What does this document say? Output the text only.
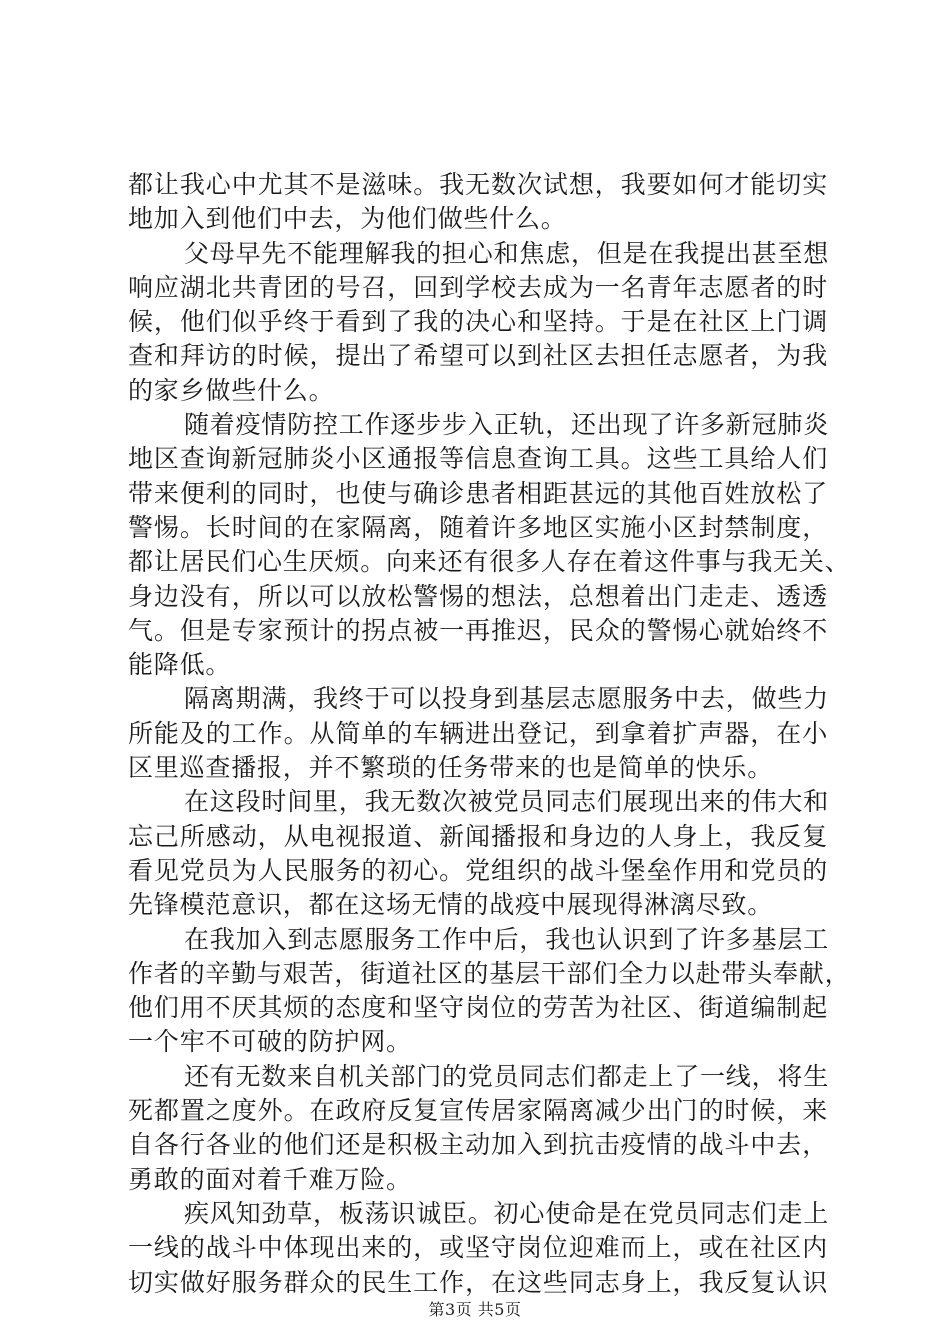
都让我心中尤其不是滋味。我无数次试想，我要如何才能切实
地加入到他们中去，为他们做些什么。
父母早先不能理解我的担心和焦虑，但是在我提出甚至想
响应湖北共青团的号召，回到学校去成为一名青年志愿者的时
候，他们似乎终于看到了我的决心和坚持。于是在社区上门调
查和拜访的时候，提出了希望可以到社区去担任志愿者，为我
的家乡做些什么。
随着疫情防控工作逐步步入正轨，还出现了许多新冠肺炎
地区查询新冠肺炎小区通报等信息查询工具。这些工具给人们
带来便利的同时，也使与确诊患者相距甚远的其他百姓放松了
警惕。长时间的在家隔离，随着许多地区实施小区封禁制度，
都让居民们心生厌烦。向来还有很多人存在着这件事与我无关、
身边没有，所以可以放松警惕的想法，总想着出门走走、透透
气。但是专家预计的拐点被一再推迟，民众的警惕心就始终不
能降低。
隔离期满，我终于可以投身到基层志愿服务中去，做些力
所能及的工作。从简单的车辆进出登记，到拿着扩声器，在小
区里巡查播报，并不繁琐的任务带来的也是简单的快乐。
在这段时间里，我无数次被党员同志们展现出来的伟大和
忘己所感动，从电视报道、新闻播报和身边的人身上，我反复
看见党员为人民服务的初心。党组织的战斗堡垒作用和党员的
先锋模范意识，都在这场无情的战疫中展现得淋漓尽致。
在我加入到志愿服务工作中后，我也认识到了许多基层工
作者的辛勤与艰苦，街道社区的基层干部们全力以赴带头奉献，
他们用不厌其烦的态度和坚守岗位的劳苦为社区、街道编制起
一个牢不可破的防护网。
还有无数来自机关部门的党员同志们都走上了一线，将生
死都置之度外。在政府反复宣传居家隔离减少出门的时候，来
自各行各业的他们还是积极主动加入到抗击疫情的战斗中去，
勇敢的面对着千难万险。
疾风知劲草，板荡识诚臣。初心使命是在党员同志们走上
一线的战斗中体现出来的，或坚守岗位迎难而上，或在社区内
切实做好服务群众的民生工作，在这些同志身上，我反复认识
第3页 共5页
